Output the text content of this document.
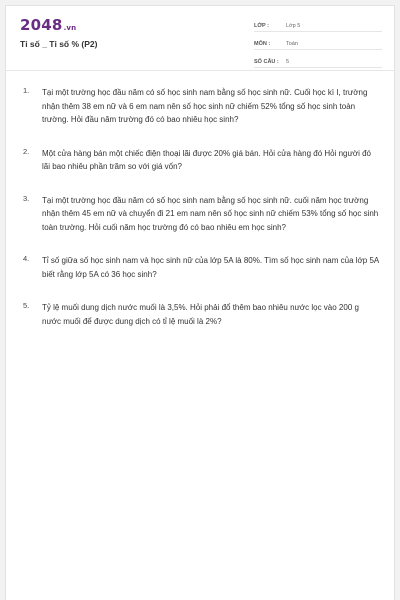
2048.vn
Tỉ số _ Tỉ số % (P2)
LỚP :	Lớp 5
MÔN :	Toán
SỐ CÂU :	5
1.	Tại một trường học đầu năm có số học sinh nam bằng số học sinh nữ. Cuối học kì I, trường nhận thêm 38 em nữ và 6 em nam nên số học sinh nữ chiếm 52% tổng số học sinh toàn trường. Hỏi đầu năm trường đó có bao nhiêu học sinh?
2.	Một cửa hàng bán một chiếc điện thoại lãi được 20% giá bán. Hỏi cửa hàng đó Hỏi người đó lãi bao nhiêu phần trăm so với giá vốn?
3.	Tại một trường học đầu năm có số học sinh nam bằng số học sinh nữ. cuối năm học trường nhận thêm 45 em nữ và chuyển đi 21 em nam nên số học sinh nữ chiếm 53% tổng số học sinh toàn trường. Hỏi cuối năm học trường đó có bao nhiêu em học sinh?
4.	Tỉ số giữa số học sinh nam và học sinh nữ của lớp 5A là 80%. Tìm số học sinh nam của lớp 5A biết rằng lớp 5A có 36 học sinh?
5.	Tỷ lệ muối dung dịch nước muối là 3,5%. Hỏi phải đổ thêm bao nhiêu nước lọc vào 200 g nước muối để được dung dịch có tỉ lệ muối là 2%?
